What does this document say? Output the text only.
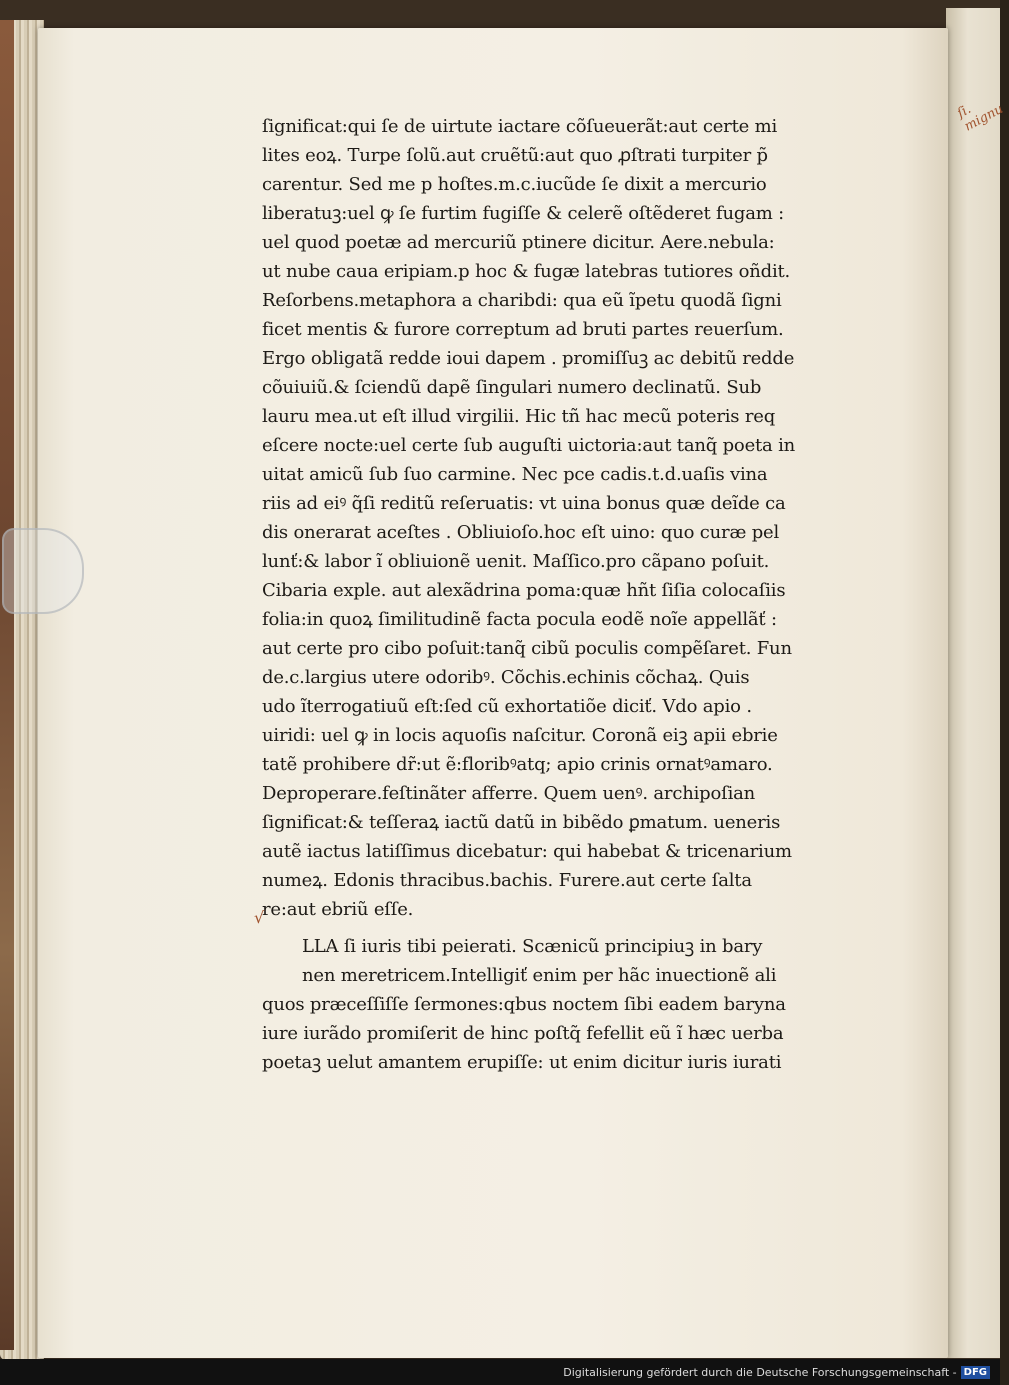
ſi. mignu
ſignificat:qui ſe de uirtute iactare cõſueuerãt:aut certe mi
lites eoꝝ. Turpe ſolũ.aut cruẽtũ:aut quo ꝓſtrati turpiter p̃
carentur. Sed me p hoſtes.m.c.iucũde ſe dixit a mercurio
liberatuꝫ:uel ꝙ ſe furtim fugiſſe & celerẽ oſtẽderet fugam :
uel quod poetæ ad mercuriũ ptinere dicitur. Aere.nebula:
ut nube caua eripiam.p hoc & fugæ latebras tutiores oñdit.
Reſorbens.metaphora a charibdi: qua eũ ĩpetu quodã ſigni
ficet mentis & furore correptum ad bruti partes reuerſum.
Ergo obligatã redde ioui dapem . promiſſuꝫ ac debitũ redde
cõuiuiũ.& ſciendũ dapẽ ſingulari numero declinatũ. Sub
lauru mea.ut eſt illud virgilii. Hic tñ hac mecũ poteris req
eſcere nocte:uel certe ſub auguſti uictoria:aut tanq̃ poeta in
uitat amicũ ſub ſuo carmine. Nec pce cadis.t.d.uaſis vina
riis ad eiꝰ q̃ſi reditũ reſeruatis: vt uina bonus quæ deĩde ca
dis onerarat aceſtes . Obliuioſo.hoc eſt uino: quo curæ pel
lunť:& labor ĩ obliuionẽ uenit. Maſſico.pro cãpano poſuit.
Cibaria exple. aut alexãdrina poma:quæ hñt ſiſia colocaſiis
folia:in quoꝝ ſimilitudinẽ facta pocula eodẽ noĩe appellãť :
aut certe pro cibo poſuit:tanq̃ cibũ poculis compẽſaret. Fun
de.c.largius utere odoribꝰ. Cõchis.echinis cõchaꝝ. Quis
udo ĩterrogatiuũ eſt:ſed cũ exhortatiõe diciť. Vdo apio .
uiridi: uel ꝙ in locis aquoſis naſcitur. Coronã eiꝫ apii ebrie
tatẽ prohibere dr̃:ut ẽ:floribꝰatq; apio crinis ornatꝰamaro.
Deproperare.feſtinãter afferre. Quem uenꝰ. archipoſian
ſignificat:& teſſeraꝝ iactũ datũ in bibẽdo ꝑmatum. ueneris
autẽ iactus latiſſimus dicebatur: qui habebat & tricenarium
numeꝝ. Edonis thracibus.bachis. Furere.aut certe ſalta
re:aut ebriũ eſſe.
LLA ſi iuris tibi peierati. Scænicũ principiuꝫ in bary
nen meretricem.Intelligiť enim per hãc inuectionẽ ali
quos præceſſiſſe ſermones:qbus noctem ſibi eadem baryna
iure iurãdo promiſerit de hinc poſtq̃ fefellit eũ ĩ hæc uerba
poetaꝫ uelut amantem erupiſſe: ut enim dicitur iuris iurati
√
Digitalisierung gefördert durch die Deutsche Forschungsgemeinschaft - DFG
